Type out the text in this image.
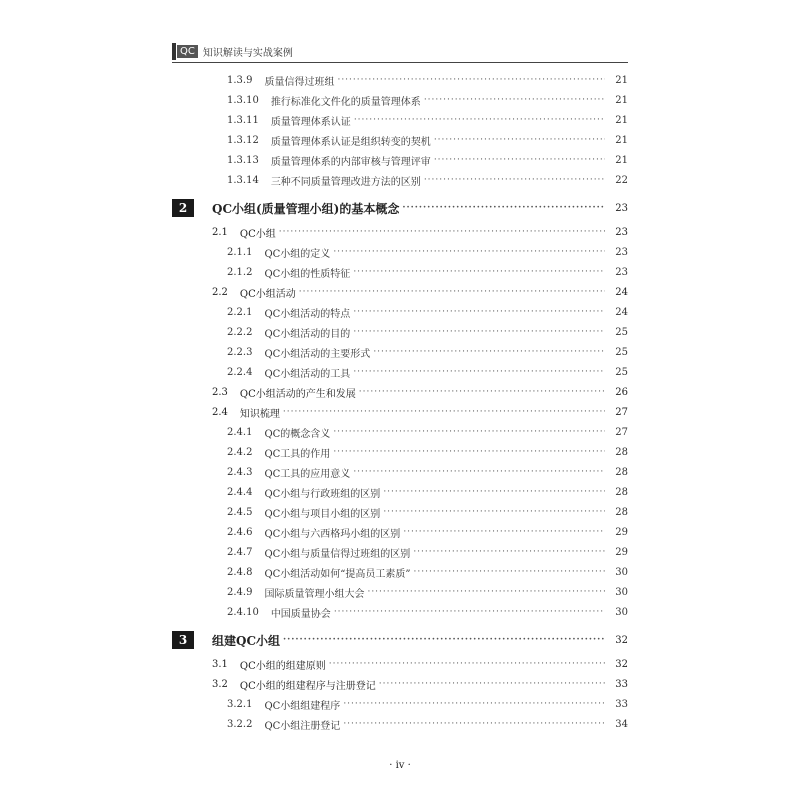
QC 知识解读与实战案例
1.3.9 质量信得过班组 ·····	21
1.3.10 推行标准化文件化的质量管理体系 ·····	21
1.3.11 质量管理体系认证 ·····	21
1.3.12 质量管理体系认证是组织转变的契机 ·····	21
1.3.13 质量管理体系的内部审核与管理评审 ·····	21
1.3.14 三种不同质量管理改进方法的区别 ·····	22
2	QC小组(质量管理小组)的基本概念 ·····	23
2.1 QC小组 ·····	23
2.1.1 QC小组的定义 ·····	23
2.1.2 QC小组的性质特征 ·····	23
2.2 QC小组活动 ·····	24
2.2.1 QC小组活动的特点 ·····	24
2.2.2 QC小组活动的目的 ·····	25
2.2.3 QC小组活动的主要形式 ·····	25
2.2.4 QC小组活动的工具 ·····	25
2.3 QC小组活动的产生和发展 ·····	26
2.4 知识梳理 ·····	27
2.4.1 QC的概念含义 ·····	27
2.4.2 QC工具的作用 ·····	28
2.4.3 QC工具的应用意义 ·····	28
2.4.4 QC小组与行政班组的区别 ·····	28
2.4.5 QC小组与项目小组的区别 ·····	28
2.4.6 QC小组与六西格玛小组的区别 ·····	29
2.4.7 QC小组与质量信得过班组的区别 ·····	29
2.4.8 QC小组活动如何“提高员工素质” ·····	30
2.4.9 国际质量管理小组大会 ·····	30
2.4.10 中国质量协会 ·····	30
3	组建QC小组 ·····	32
3.1 QC小组的组建原则 ·····	32
3.2 QC小组的组建程序与注册登记 ·····	33
3.2.1 QC小组组建程序 ·····	33
3.2.2 QC小组注册登记 ·····	34
· iv ·
